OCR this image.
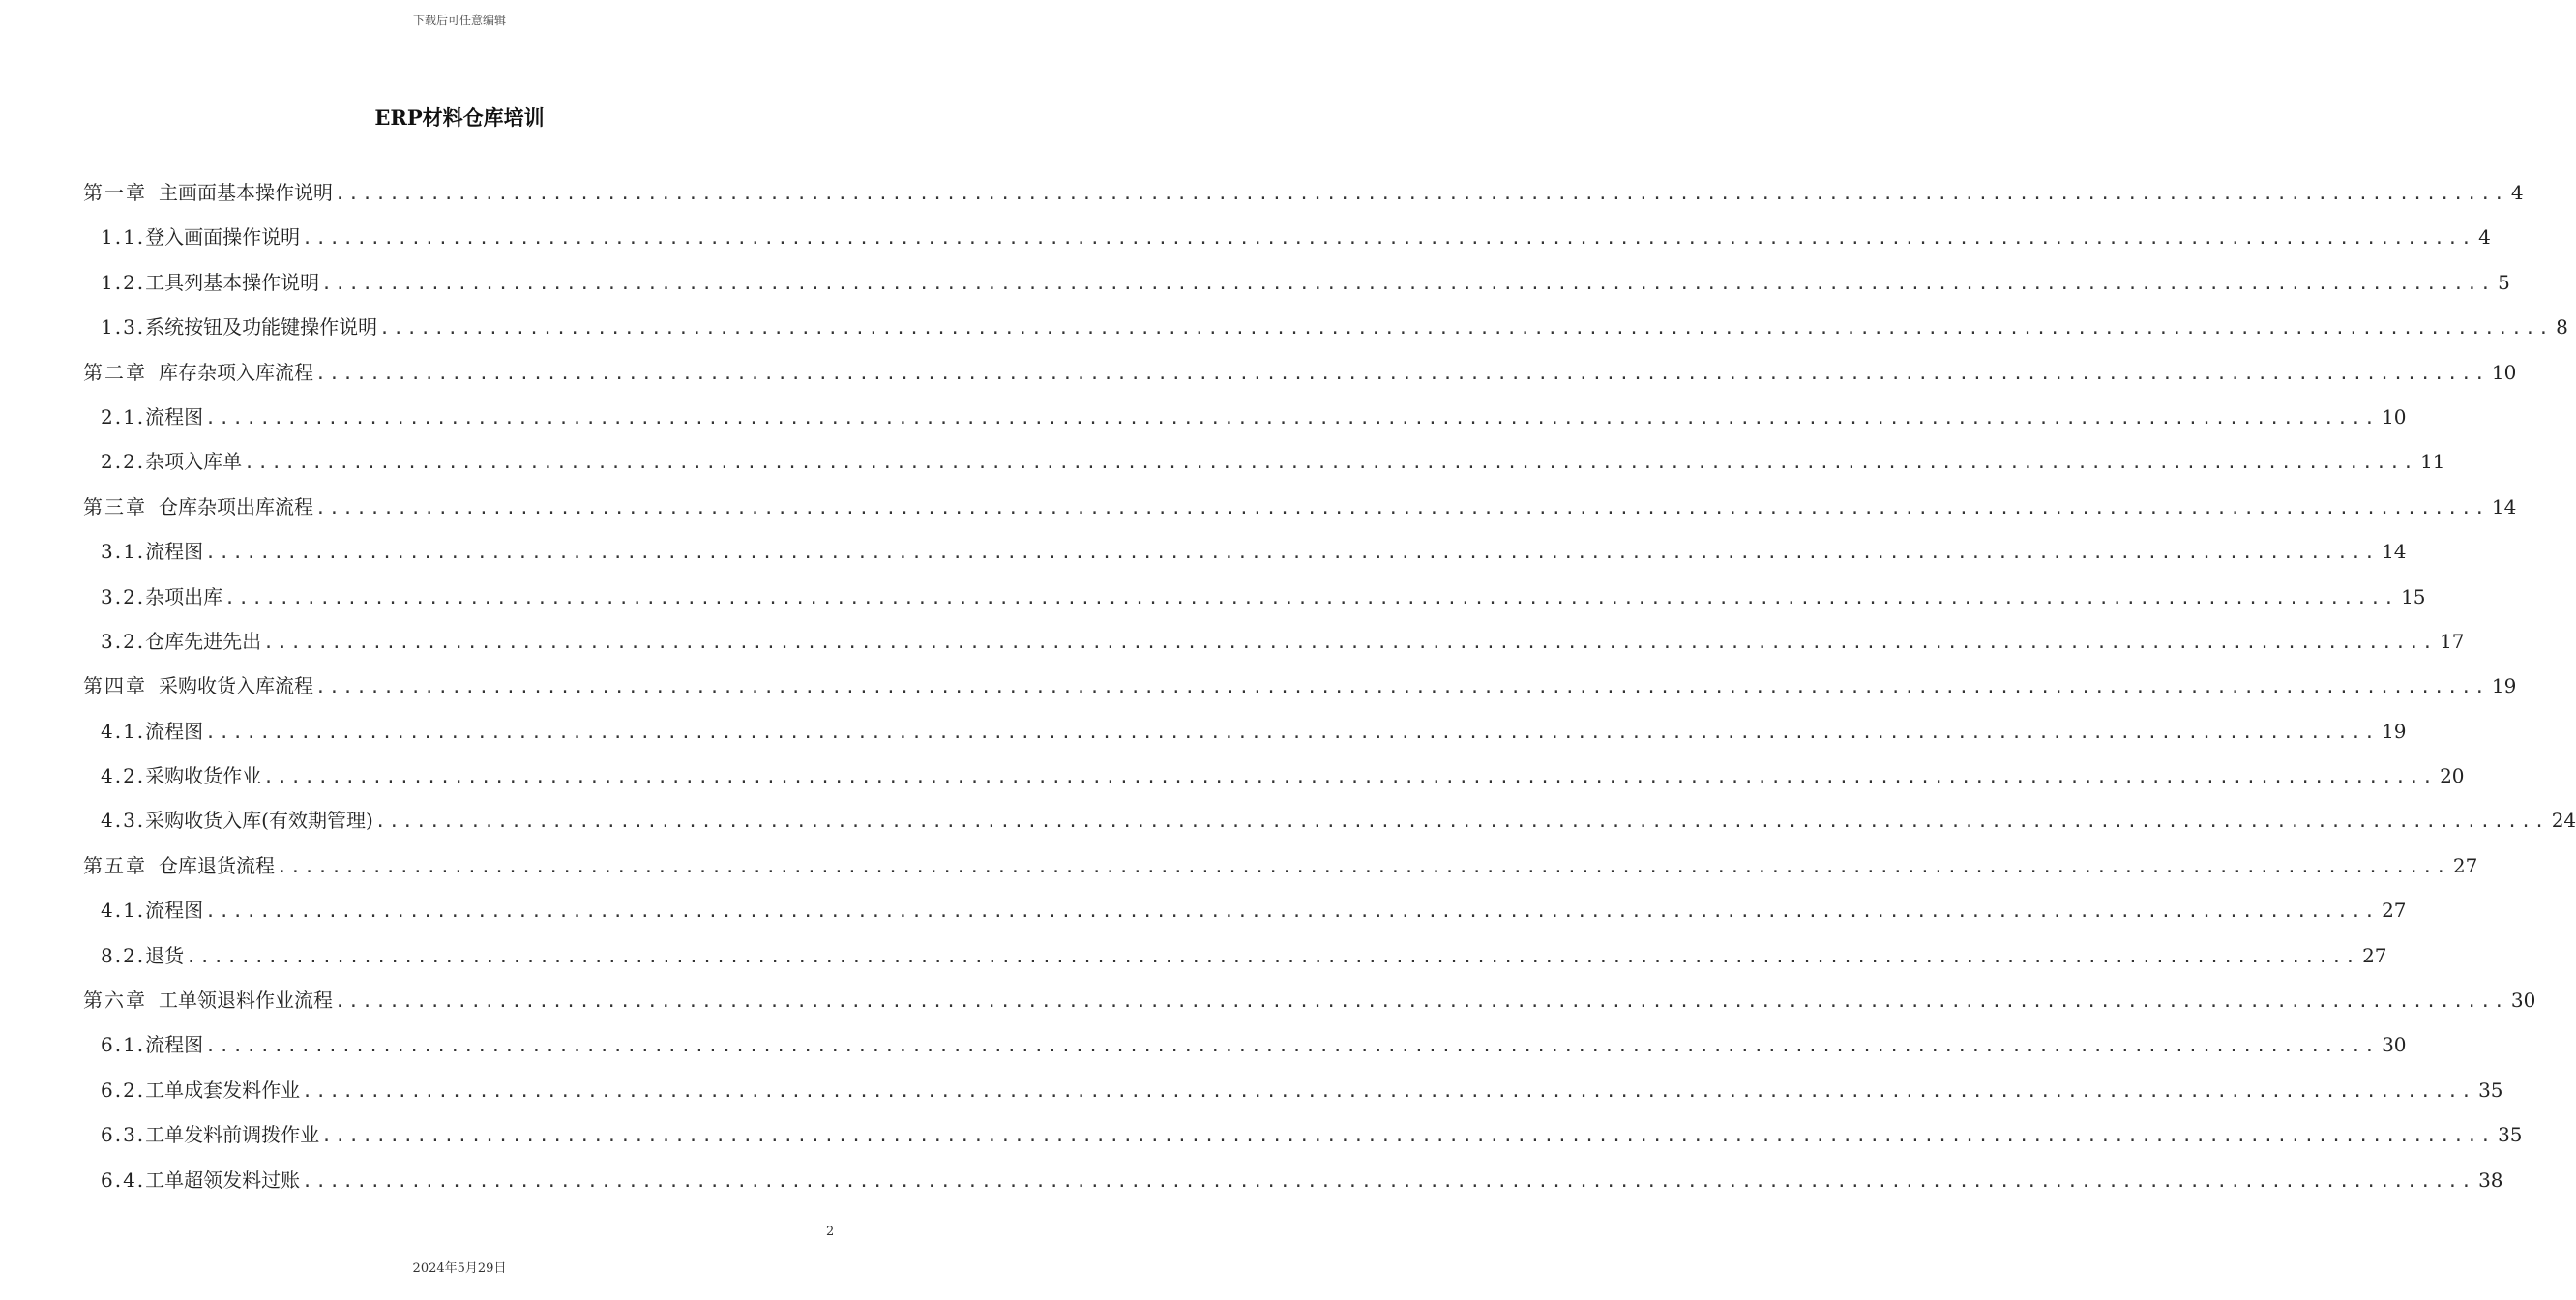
下载后可任意编辑
ERP材料仓库培训
第一章 主画面基本操作说明 ................................................................................................................................................................ 4
1.1.登入画面操作说明 ................................................................................................................................................................ 4
1.2.工具列基本操作说明 ................................................................................................................................................................ 5
1.3.系统按钮及功能键操作说明 ................................................................................................................................................................ 8
第二章 库存杂项入库流程 ................................................................................................................................................................ 10
2.1.流程图 ................................................................................................................................................................ 10
2.2.杂项入库单 ................................................................................................................................................................ 11
第三章 仓库杂项出库流程 ................................................................................................................................................................ 14
3.1.流程图 ................................................................................................................................................................ 14
3.2.杂项出库 ................................................................................................................................................................ 15
3.2.仓库先进先出 ................................................................................................................................................................ 17
第四章 采购收货入库流程 ................................................................................................................................................................ 19
4.1.流程图 ................................................................................................................................................................ 19
4.2.采购收货作业 ................................................................................................................................................................ 20
4.3.采购收货入库(有效期管理) ................................................................................................................................................................ 24
第五章 仓库退货流程 ................................................................................................................................................................ 27
4.1.流程图 ................................................................................................................................................................ 27
8.2.退货 ................................................................................................................................................................ 27
第六章 工单领退料作业流程 ................................................................................................................................................................ 30
6.1.流程图 ................................................................................................................................................................ 30
6.2.工单成套发料作业 ................................................................................................................................................................ 35
6.3.工单发料前调拨作业 ................................................................................................................................................................ 35
6.4.工单超领发料过账 ................................................................................................................................................................ 38
2
2024年5月29日
